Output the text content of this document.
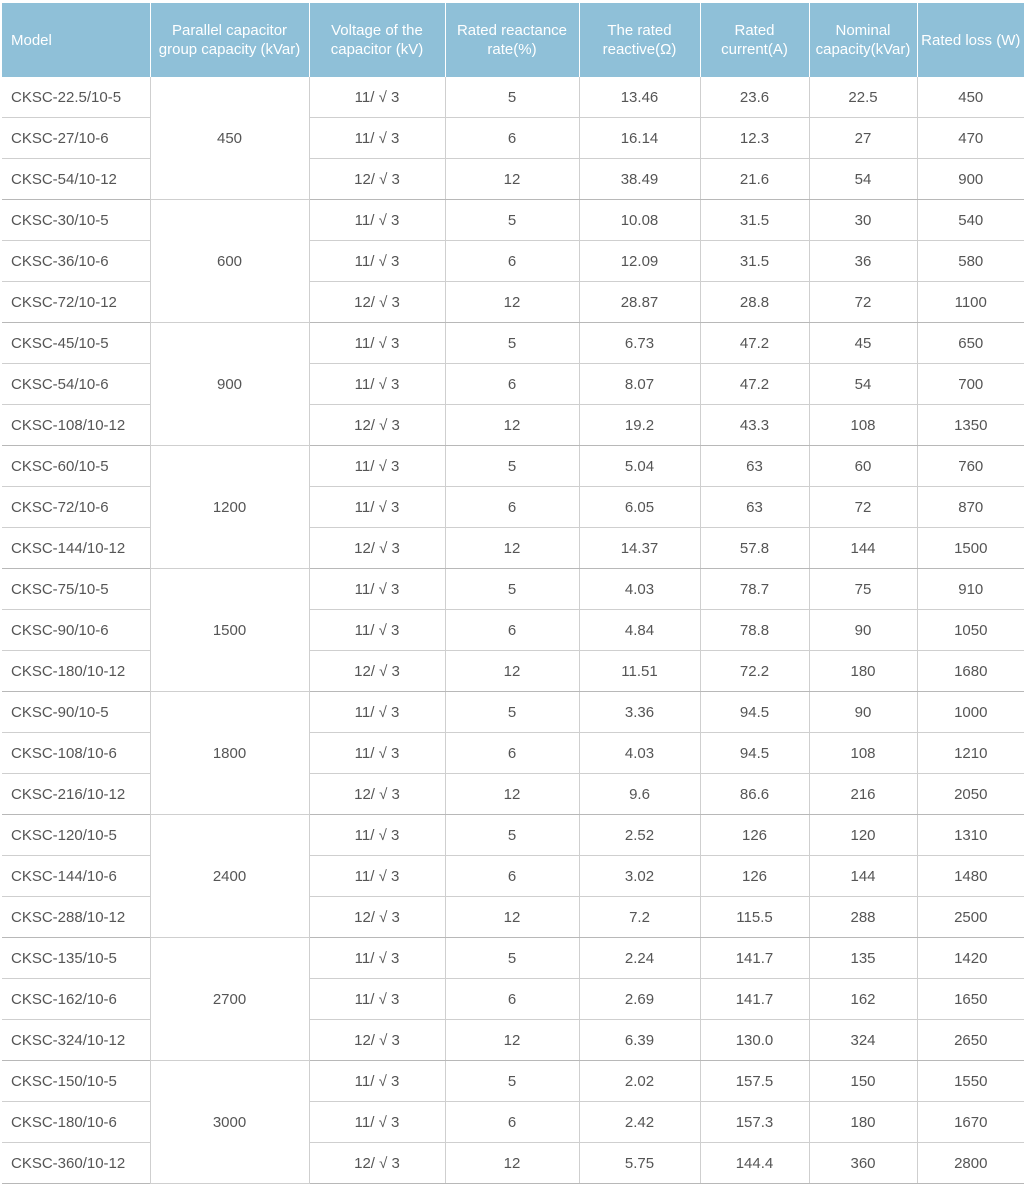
Model	Parallel capacitor group capacity (kVar)	Voltage of the capacitor (kV)	Rated reactance rate(%)	The rated reactive(Ω)	Rated current(A)	Nominal capacity(kVar)	Rated loss (W)
CKSC-22.5/10-5	450	11/ √ 3	5	13.46	23.6	22.5	450
CKSC-27/10-6		11/ √ 3	6	16.14	12.3	27	470
CKSC-54/10-12		12/ √ 3	12	38.49	21.6	54	900
CKSC-30/10-5	600	11/ √ 3	5	10.08	31.5	30	540
CKSC-36/10-6		11/ √ 3	6	12.09	31.5	36	580
CKSC-72/10-12		12/ √ 3	12	28.87	28.8	72	1100
CKSC-45/10-5	900	11/ √ 3	5	6.73	47.2	45	650
CKSC-54/10-6		11/ √ 3	6	8.07	47.2	54	700
CKSC-108/10-12		12/ √ 3	12	19.2	43.3	108	1350
CKSC-60/10-5	1200	11/ √ 3	5	5.04	63	60	760
CKSC-72/10-6		11/ √ 3	6	6.05	63	72	870
CKSC-144/10-12		12/ √ 3	12	14.37	57.8	144	1500
CKSC-75/10-5	1500	11/ √ 3	5	4.03	78.7	75	910
CKSC-90/10-6		11/ √ 3	6	4.84	78.8	90	1050
CKSC-180/10-12		12/ √ 3	12	11.51	72.2	180	1680
CKSC-90/10-5	1800	11/ √ 3	5	3.36	94.5	90	1000
CKSC-108/10-6		11/ √ 3	6	4.03	94.5	108	1210
CKSC-216/10-12		12/ √ 3	12	9.6	86.6	216	2050
CKSC-120/10-5	2400	11/ √ 3	5	2.52	126	120	1310
CKSC-144/10-6		11/ √ 3	6	3.02	126	144	1480
CKSC-288/10-12		12/ √ 3	12	7.2	115.5	288	2500
CKSC-135/10-5	2700	11/ √ 3	5	2.24	141.7	135	1420
CKSC-162/10-6		11/ √ 3	6	2.69	141.7	162	1650
CKSC-324/10-12		12/ √ 3	12	6.39	130.0	324	2650
CKSC-150/10-5	3000	11/ √ 3	5	2.02	157.5	150	1550
CKSC-180/10-6		11/ √ 3	6	2.42	157.3	180	1670
CKSC-360/10-12		12/ √ 3	12	5.75	144.4	360	2800
